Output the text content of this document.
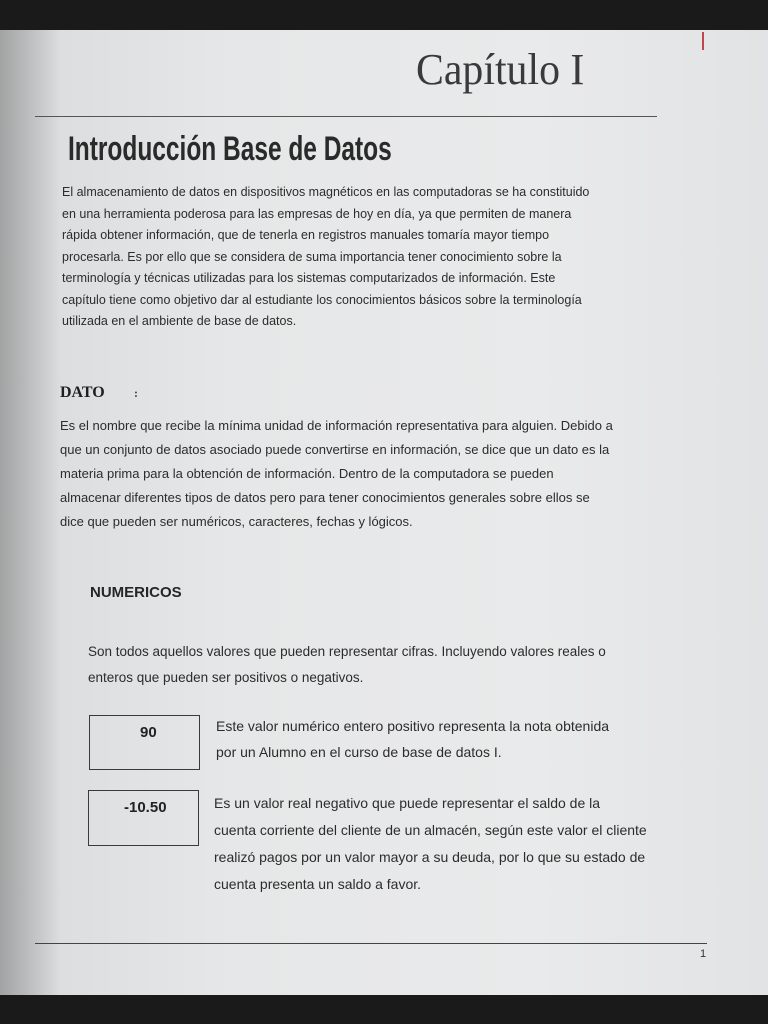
Capítulo I
Introducción Base de Datos
El almacenamiento de datos en dispositivos magnéticos en las computadoras se ha constituido
en una herramienta poderosa para las empresas de hoy en día, ya que permiten de manera
rápida obtener información, que de tenerla en registros manuales tomaría mayor tiempo
procesarla. Es por ello que se considera de suma importancia tener conocimiento sobre la
terminología y técnicas utilizadas para los sistemas computarizados de información. Este
capítulo tiene como objetivo dar al estudiante los conocimientos básicos sobre la terminología
utilizada en el ambiente de base de datos.
DATO :
Es el nombre que recibe la mínima unidad de información representativa para alguien. Debido a
que un conjunto de datos asociado puede convertirse en información, se dice que un dato es la
materia prima para la obtención de información. Dentro de la computadora se pueden
almacenar diferentes tipos de datos pero para tener conocimientos generales sobre ellos se
dice que pueden ser numéricos, caracteres, fechas y lógicos.
NUMERICOS
Son todos aquellos valores que pueden representar cifras. Incluyendo valores reales o
enteros que pueden ser positivos o negativos.
90	Este valor numérico entero positivo representa la nota obtenida
por un Alumno en el curso de base de datos I.
-10.50	Es un valor real negativo que puede representar el saldo de la
cuenta corriente del cliente de un almacén, según este valor el cliente
realizó pagos por un valor mayor a su deuda, por lo que su estado de
cuenta presenta un saldo a favor.
1
